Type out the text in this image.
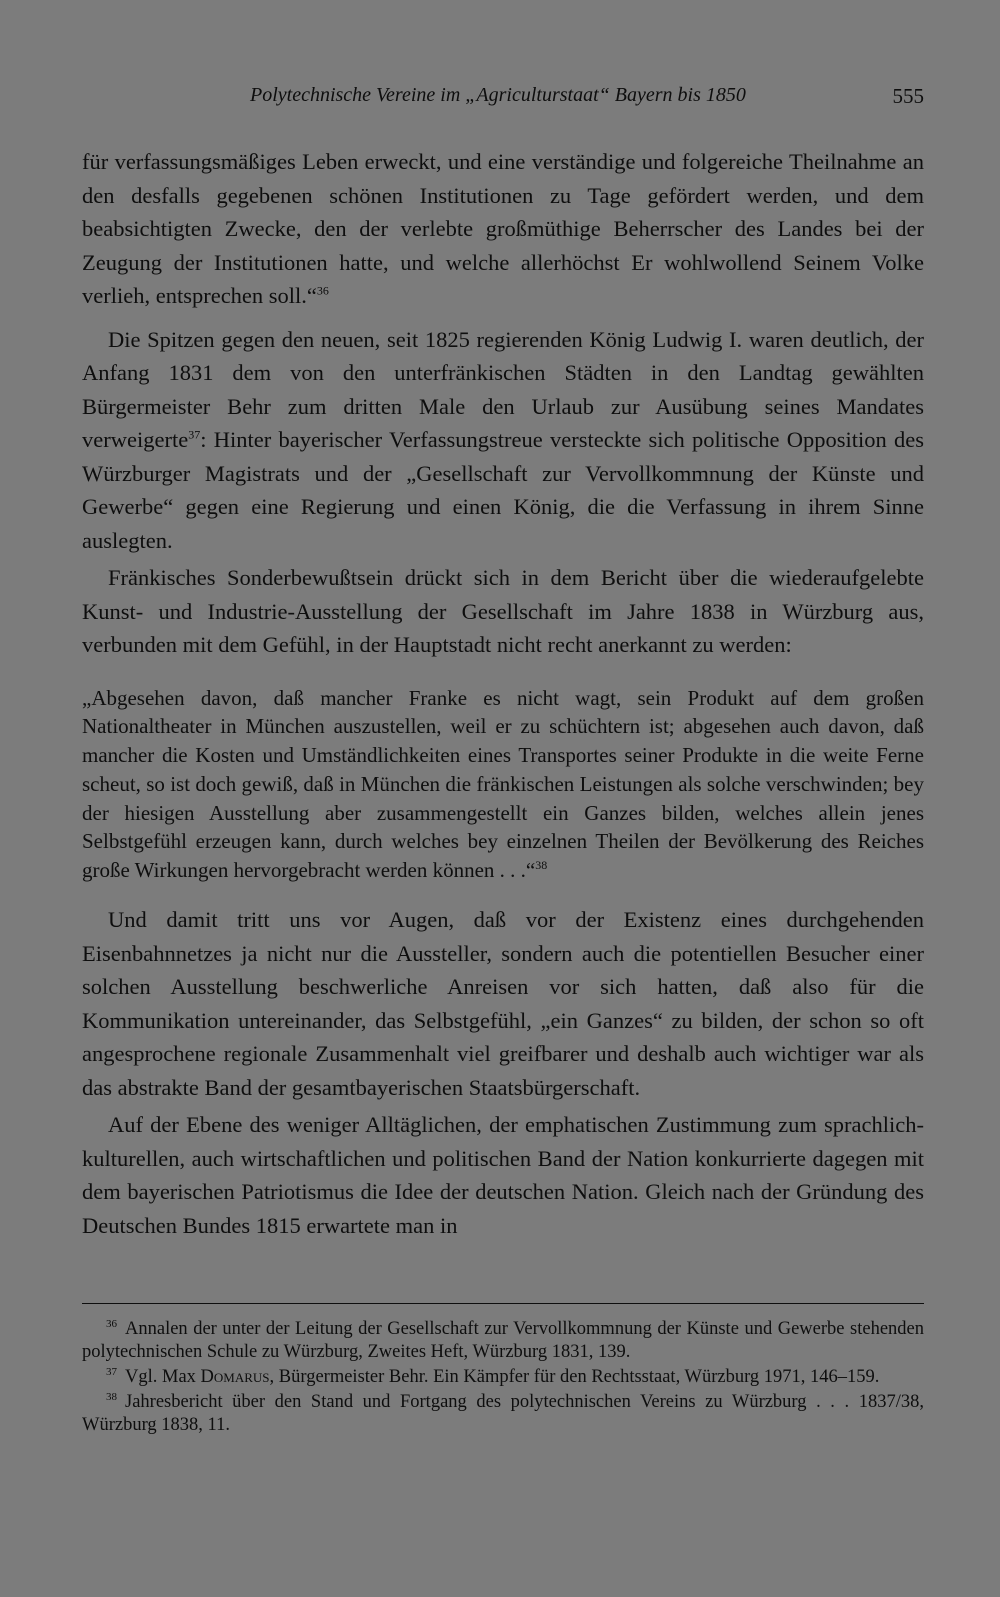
Polytechnische Vereine im „Agriculturstaat“ Bayern bis 1850	555

für verfassungsmäßiges Leben erweckt, und eine verständige und folgereiche Theilnahme an den desfalls gegebenen schönen Institutionen zu Tage gefördert werden, und dem beabsichtigten Zwecke, den der verlebte großmüthige Beherrscher des Landes bei der Zeugung der Institutionen hatte, und welche allerhöchst Er wohlwollend Seinem Volke verlieh, entsprechen soll.“$^{36}$

Die Spitzen gegen den neuen, seit 1825 regierenden König Ludwig I. waren deutlich, der Anfang 1831 dem von den unterfränkischen Städten in den Landtag gewählten Bürgermeister Behr zum dritten Male den Urlaub zur Ausübung seines Mandates verweigerte$^{37}$: Hinter bayerischer Verfassungstreue versteckte sich politische Opposition des Würzburger Magistrats und der „Gesellschaft zur Vervollkommnung der Künste und Gewerbe“ gegen eine Regierung und einen König, die die Verfassung in ihrem Sinne auslegten.

Fränkisches Sonderbewußtsein drückt sich in dem Bericht über die wiederaufgelebte Kunst- und Industrie-Ausstellung der Gesellschaft im Jahre 1838 in Würzburg aus, verbunden mit dem Gefühl, in der Hauptstadt nicht recht anerkannt zu werden:

„Abgesehen davon, daß mancher Franke es nicht wagt, sein Produkt auf dem großen Nationaltheater in München auszustellen, weil er zu schüchtern ist; abgesehen auch davon, daß mancher die Kosten und Umständlichkeiten eines Transportes seiner Produkte in die weite Ferne scheut, so ist doch gewiß, daß in München die fränkischen Leistungen als solche verschwinden; bey der hiesigen Ausstellung aber zusammengestellt ein Ganzes bilden, welches allein jenes Selbstgefühl erzeugen kann, durch welches bey einzelnen Theilen der Bevölkerung des Reiches große Wirkungen hervorgebracht werden können . . .“$^{38}$

Und damit tritt uns vor Augen, daß vor der Existenz eines durchgehenden Eisenbahnnetzes ja nicht nur die Aussteller, sondern auch die potentiellen Besucher einer solchen Ausstellung beschwerliche Anreisen vor sich hatten, daß also für die Kommunikation untereinander, das Selbstgefühl, „ein Ganzes“ zu bilden, der schon so oft angesprochene regionale Zusammenhalt viel greifbarer und deshalb auch wichtiger war als das abstrakte Band der gesamtbayerischen Staatsbürgerschaft.

Auf der Ebene des weniger Alltäglichen, der emphatischen Zustimmung zum sprachlich-kulturellen, auch wirtschaftlichen und politischen Band der Nation konkurrierte dagegen mit dem bayerischen Patriotismus die Idee der deutschen Nation. Gleich nach der Gründung des Deutschen Bundes 1815 erwartete man in

$^{36}$ Annalen der unter der Leitung der Gesellschaft zur Vervollkommnung der Künste und Gewerbe stehenden polytechnischen Schule zu Würzburg, Zweites Heft, Würzburg 1831, 139.

$^{37}$ Vgl. Max Domarus, Bürgermeister Behr. Ein Kämpfer für den Rechtsstaat, Würzburg 1971, 146–159.

$^{38}$ Jahresbericht über den Stand und Fortgang des polytechnischen Vereins zu Würzburg . . . 1837/38, Würzburg 1838, 11.
